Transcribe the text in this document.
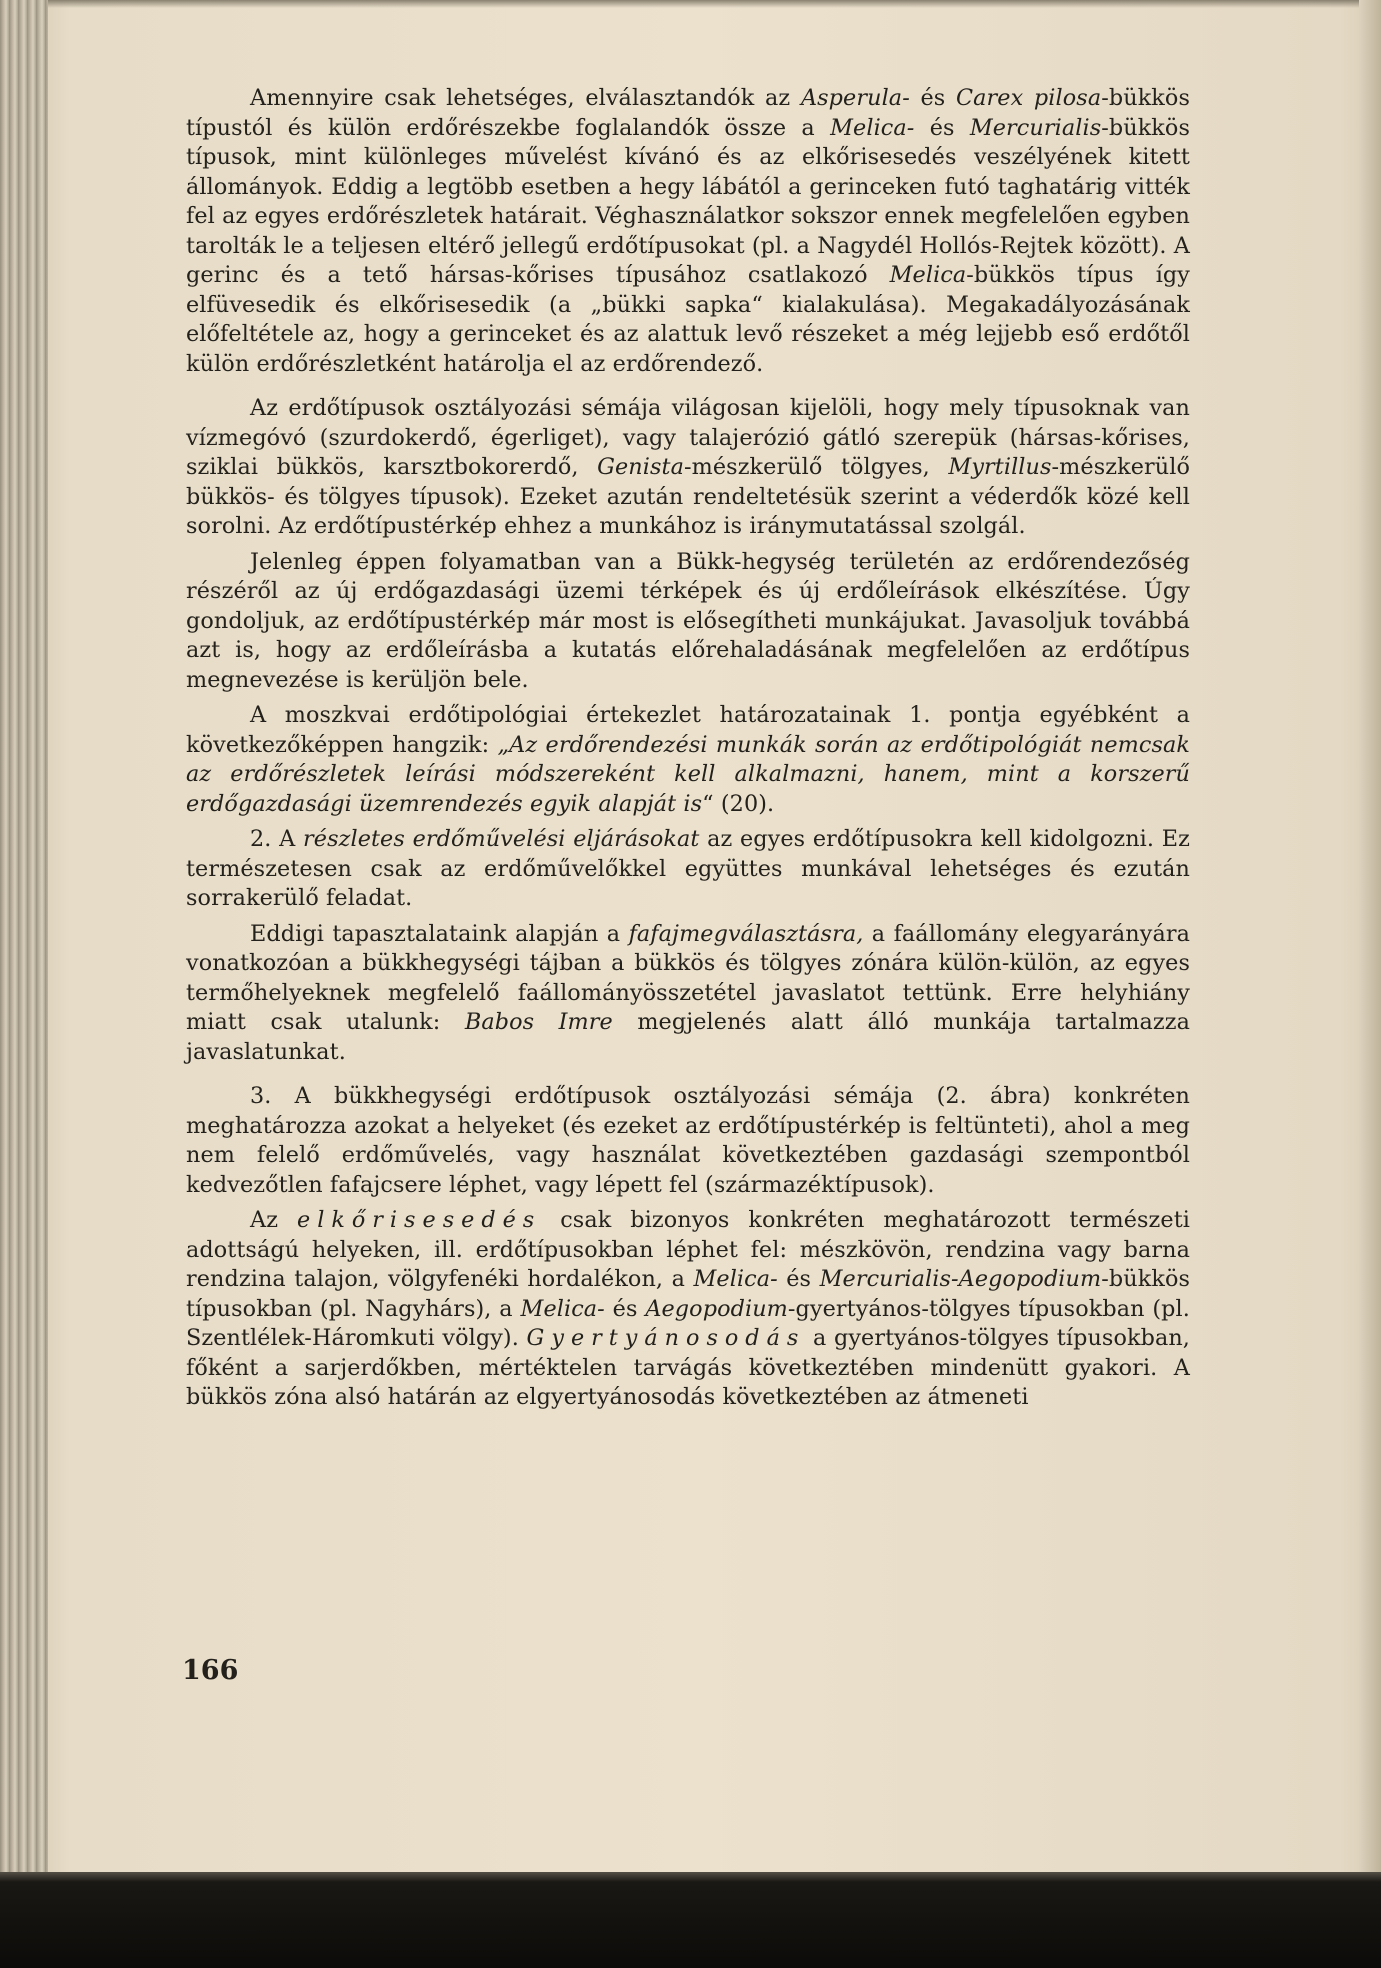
Amennyire csak lehetséges, elválasztandók az Asperula- és Carex pilosa-bükkös típustól és külön erdőrészekbe foglalandók össze a Melica- és Mercurialis-bükkös típusok, mint különleges művelést kívánó és az elkőrisesedés veszélyének kitett állományok. Eddig a legtöbb esetben a hegy lábától a gerinceken futó taghatárig vitték fel az egyes erdőrészletek határait. Véghasználatkor sokszor ennek megfelelően egyben tarolták le a teljesen eltérő jellegű erdőtípusokat (pl. a Nagydél Hollós-Rejtek között). A gerinc és a tető hársas-kőrises típusához csatlakozó Melica-bükkös típus így elfüvesedik és elkőrisesedik (a „bükki sapka“ kialakulása). Megakadályozásának előfeltétele az, hogy a gerinceket és az alattuk levő részeket a még lejjebb eső erdőtől külön erdőrészletként határolja el az erdőrendező.

Az erdőtípusok osztályozási sémája világosan kijelöli, hogy mely típusoknak van vízmegóvó (szurdokerdő, égerliget), vagy talajerózió gátló szerepük (hársas-kőrises, sziklai bükkös, karsztbokorerdő, Genista-mészkerülő tölgyes, Myrtillus-mészkerülő bükkös- és tölgyes típusok). Ezeket azután rendeltetésük szerint a véderdők közé kell sorolni. Az erdőtípustérkép ehhez a munkához is iránymutatással szolgál.

Jelenleg éppen folyamatban van a Bükk-hegység területén az erdőrendezőség részéről az új erdőgazdasági üzemi térképek és új erdőleírások elkészítése. Úgy gondoljuk, az erdőtípustérkép már most is elősegítheti munkájukat. Javasoljuk továbbá azt is, hogy az erdőleírásba a kutatás előrehaladásának megfelelően az erdőtípus megnevezése is kerüljön bele.

A moszkvai erdőtipológiai értekezlet határozatainak 1. pontja egyébként a következőképpen hangzik: „Az erdőrendezési munkák során az erdőtipológiát nemcsak az erdőrészletek leírási módszereként kell alkalmazni, hanem, mint a korszerű erdőgazdasági üzemrendezés egyik alapját is“ (20).

2. A részletes erdőművelési eljárásokat az egyes erdőtípusokra kell kidolgozni. Ez természetesen csak az erdőművelőkkel együttes munkával lehetséges és ezután sorrakerülő feladat.

Eddigi tapasztalataink alapján a fafajmegválasztásra, a faállomány elegyarányára vonatkozóan a bükkhegységi tájban a bükkös és tölgyes zónára külön-külön, az egyes termőhelyeknek megfelelő faállományösszetétel javaslatot tettünk. Erre helyhiány miatt csak utalunk: Babos Imre megjelenés alatt álló munkája tartalmazza javaslatunkat.

3. A bükkhegységi erdőtípusok osztályozási sémája (2. ábra) konkréten meghatározza azokat a helyeket (és ezeket az erdőtípustérkép is feltünteti), ahol a meg nem felelő erdőművelés, vagy használat következtében gazdasági szempontból kedvezőtlen fafajcsere léphet, vagy lépett fel (származéktípusok).

Az elkőrisesedés csak bizonyos konkréten meghatározott természeti adottságú helyeken, ill. erdőtípusokban léphet fel: mészkövön, rendzina vagy barna rendzina talajon, völgyfenéki hordalékon, a Melica- és Mercurialis-Aegopodium-bükkös típusokban (pl. Nagyhárs), a Melica- és Aegopodium-gyertyános-tölgyes típusokban (pl. Szentlélek-Háromkuti völgy). Gyertyánosodás a gyertyános-tölgyes típusokban, főként a sarjerdőkben, mértéktelen tarvágás következtében mindenütt gyakori. A bükkös zóna alsó határán az elgyertyánosodás következtében az átmeneti

166
